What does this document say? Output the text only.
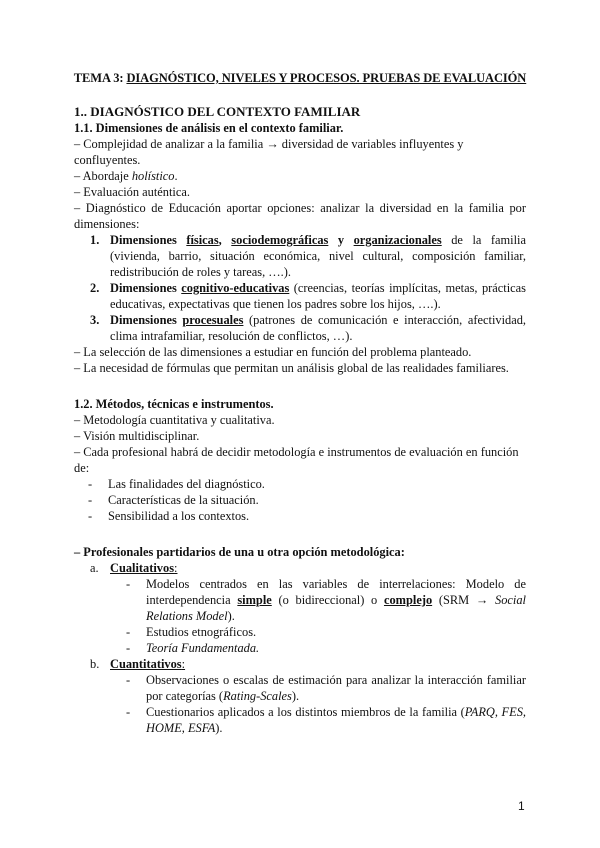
TEMA 3: DIAGNÓSTICO, NIVELES Y PROCESOS. PRUEBAS DE EVALUACIÓN

1.. DIAGNÓSTICO DEL CONTEXTO FAMILIAR

1.1. Dimensiones de análisis en el contexto familiar.

– Complejidad de analizar a la familia → diversidad de variables influyentes y confluyentes.

– Abordaje holístico.

– Evaluación auténtica.

– Diagnóstico de Educación aportar opciones: analizar la diversidad en la familia por dimensiones:

1. Dimensiones físicas, sociodemográficas y organizacionales de la familia (vivienda, barrio, situación económica, nivel cultural, composición familiar, redistribución de roles y tareas, ….).

2. Dimensiones cognitivo-educativas (creencias, teorías implícitas, metas, prácticas educativas, expectativas que tienen los padres sobre los hijos, ….).

3. Dimensiones procesuales (patrones de comunicación e interacción, afectividad, clima intrafamiliar, resolución de conflictos, …).

– La selección de las dimensiones a estudiar en función del problema planteado.

– La necesidad de fórmulas que permitan un análisis global de las realidades familiares.

1.2. Métodos, técnicas e instrumentos.

– Metodología cuantitativa y cualitativa.

– Visión multidisciplinar.

– Cada profesional habrá de decidir metodología e instrumentos de evaluación en función de:

- Las finalidades del diagnóstico.

- Características de la situación.

- Sensibilidad a los contextos.

– Profesionales partidarios de una u otra opción metodológica:

a. Cualitativos:

- Modelos centrados en las variables de interrelaciones: Modelo de interdependencia simple (o bidireccional) o complejo (SRM → Social Relations Model).

- Estudios etnográficos.

- Teoría Fundamentada.

b. Cuantitativos:

- Observaciones o escalas de estimación para analizar la interacción familiar por categorías (Rating-Scales).

- Cuestionarios aplicados a los distintos miembros de la familia (PARQ, FES, HOME, ESFA).

1
